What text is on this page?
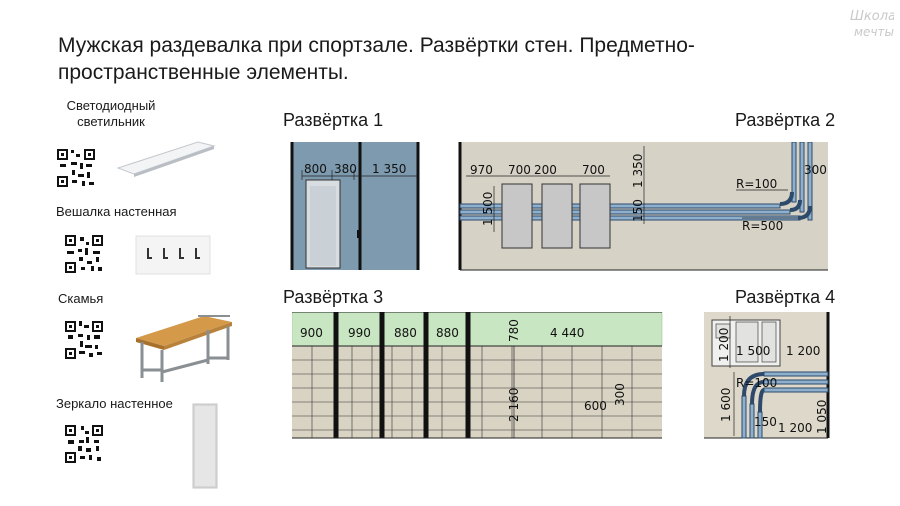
Мужская раздевалка при спортзале. Развёртки стен. Предметно-пространственные элементы.
Школа
мечты
Светодиодный светильник
Вешалка настенная
Скамья
Зеркало настенное
Развёртка 1	Развёртка 2
Развёртка 3	Развёртка 4
800 380 1 350	970 700 200 700 1 350
1 500	150
R=100
R=500
300
900 990 880 880	780 4 440
2 160	600 300
1 200 1 500 1 200
R=100
1 600 150 1 200 1 050
